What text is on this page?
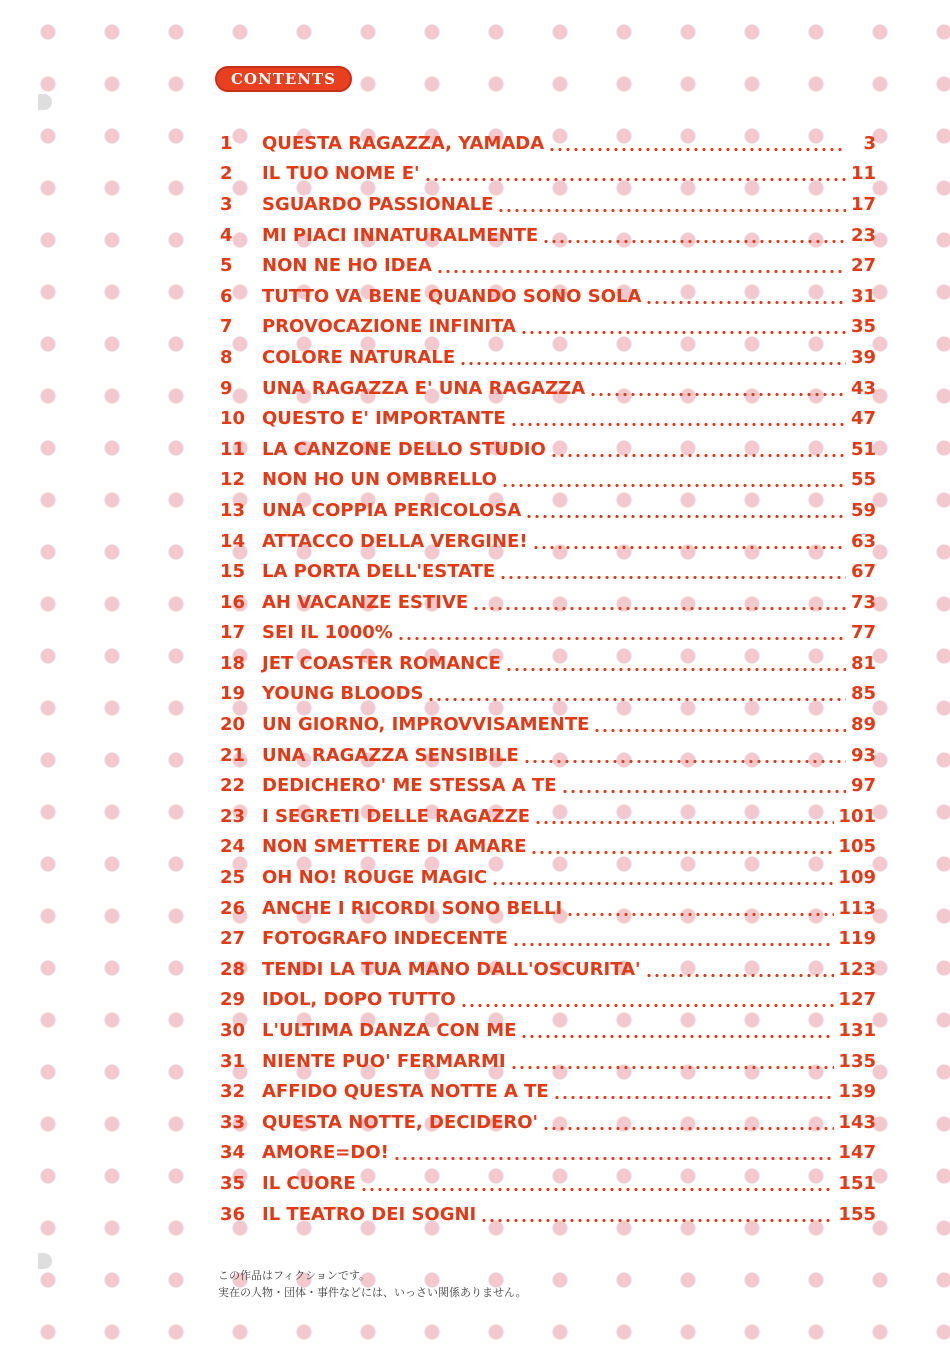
CONTENTS
1	QUESTA RAGAZZA, YAMADA	3
2	IL TUO NOME E'	11
3	SGUARDO PASSIONALE	17
4	MI PIACI INNATURALMENTE	23
5	NON NE HO IDEA	27
6	TUTTO VA BENE QUANDO SONO SOLA	31
7	PROVOCAZIONE INFINITA	35
8	COLORE NATURALE	39
9	UNA RAGAZZA E' UNA RAGAZZA	43
10 QUESTO E' IMPORTANTE	47
11 LA CANZONE DELLO STUDIO	51
12 NON HO UN OMBRELLO	55
13 UNA COPPIA PERICOLOSA	59
14 ATTACCO DELLA VERGINE!	63
15 LA PORTA DELL'ESTATE	67
16 AH VACANZE ESTIVE	73
17 SEI IL 1000%	77
18 JET COASTER ROMANCE	81
19 YOUNG BLOODS	85
20 UN GIORNO, IMPROVVISAMENTE	89
21 UNA RAGAZZA SENSIBILE	93
22 DEDICHERO' ME STESSA A TE	97
23 I SEGRETI DELLE RAGAZZE	101
24 NON SMETTERE DI AMARE	105
25 OH NO! ROUGE MAGIC	109
26 ANCHE I RICORDI SONO BELLI	113
27 FOTOGRAFO INDECENTE	119
28 TENDI LA TUA MANO DALL'OSCURITA'	123
29 IDOL, DOPO TUTTO	127
30 L'ULTIMA DANZA CON ME	131
31 NIENTE PUO' FERMARMI	135
32 AFFIDO QUESTA NOTTE A TE	139
33 QUESTA NOTTE, DECIDERO'	143
34 AMORE=DO!	147
35 IL CUORE	151
36 IL TEATRO DEI SOGNI	155
この作品はフィクションです。
実在の人物・団体・事件などには、いっさい関係ありません。
